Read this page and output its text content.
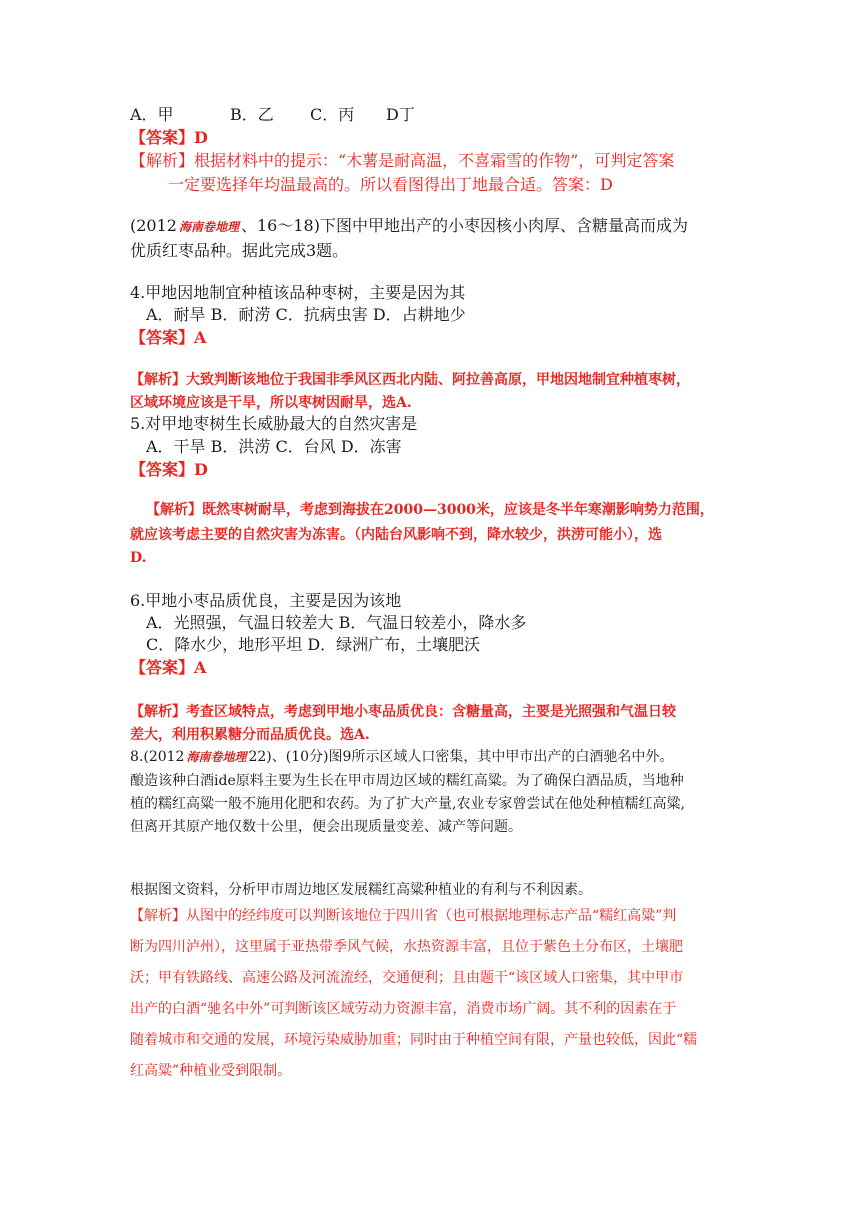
A．甲	B．乙 C．丙 D丁
【答案】D
【解析】根据材料中的提示：“木薯是耐高温，不喜霜雪的作物”，可判定答案
一定要选择年均温最高的。所以看图得出丁地最合适。答案：D
(2012 海南卷地理 、16～18)下图中甲地出产的小枣因核小肉厚、含糖量高而成为
优质红枣品种。据此完成3题。
4.甲地因地制宜种植该品种枣树，主要是因为其
A．耐旱 B．耐涝 C．抗病虫害 D．占耕地少
【答案】A
【解析】大致判断该地位于我国非季风区西北内陆、阿拉善高原，甲地因地制宜种植枣树，
区域环境应该是干旱，所以枣树因耐旱，选A.
5.对甲地枣树生长威胁最大的自然灾害是
A．干旱 B．洪涝 C．台风 D．冻害
【答案】D
【解析】既然枣树耐旱，考虑到海拔在2000—3000米，应该是冬半年寒潮影响势力范围，
就应该考虑主要的自然灾害为冻害。（内陆台风影响不到，降水较少，洪涝可能小），选
D.
6.甲地小枣品质优良，主要是因为该地
A．光照强，气温日较差大 B．气温日较差小，降水多
C．降水少，地形平坦 D．绿洲广布，土壤肥沃
【答案】A
【解析】考查区域特点，考虑到甲地小枣品质优良：含糖量高，主要是光照强和气温日较
差大，利用积累糖分而品质优良。选A.
8.(2012 海南卷地理 22)、(10分)图9所示区域人口密集，其中甲市出产的白酒驰名中外。
酿造该种白酒ide原料主要为生长在甲市周边区域的糯红高粱。为了确保白酒品质，当地种
植的糯红高粱一般不施用化肥和农药。为了扩大产量,农业专家曾尝试在他处种植糯红高粱,
但离开其原产地仅数十公里，便会出现质量变差、减产等问题。
根据图文资料，分析甲市周边地区发展糯红高粱种植业的有利与不利因素。
【解析】从图中的经纬度可以判断该地位于四川省（也可根据地理标志产品“糯红高粱”判
断为四川泸州），这里属于亚热带季风气候，水热资源丰富，且位于紫色土分布区，土壤肥
沃；甲有铁路线、高速公路及河流流经，交通便利；且由题干“该区域人口密集，其中甲市
出产的白酒“驰名中外”可判断该区域劳动力资源丰富，消费市场广阔。其不利的因素在于
随着城市和交通的发展，环境污染威胁加重；同时由于种植空间有限，产量也较低，因此“糯
红高粱”种植业受到限制。
